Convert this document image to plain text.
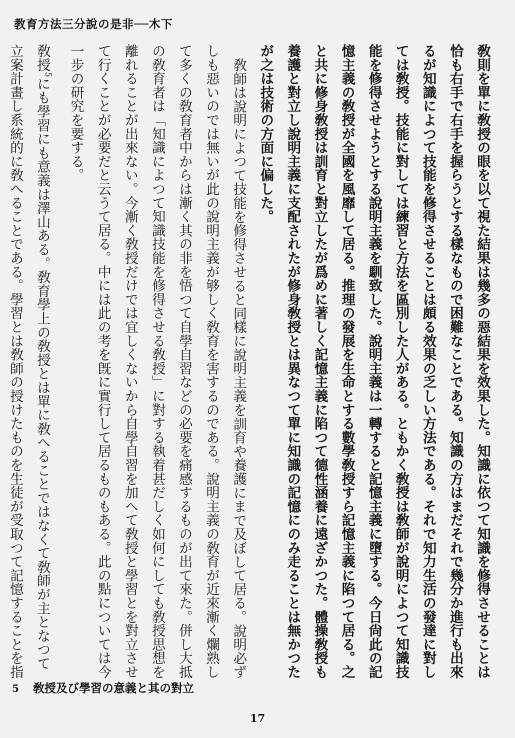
教育方法三分說の是非──木下

敎則を單に敎授の眼を以て視た結果は幾多の惡結果を效果した。知識に依つて知識を修得させることは恰も右手で右手を握らうとする樣なもので困難なことである。知識の方はまだそれで幾分か進行も出來るが知識によつて技能を修得させることは頗る效果の乏しい方法である。それで知力生活の發達に對しては敎授。技能に對しては練習と方法を區別した人がある。ともかく敎授は敎師が說明によつて知識技能を修得させようとする說明主義を馴致した。說明主義は一轉すると記憶主義に墮する。今日尙此の記憶主義の敎授が全國を風靡して居る。推理の發展を生命とする數學敎授すら記憶主義に陷つて居る。之と共に修身敎授は訓育と對立したが爲めに著しく記憶主義に陷つて德性涵養に遠ざかつた。體操敎授も養護と對立し說明主義に支配されたが修身敎授とは異なつて單に知識の記憶にのみ走ることは無かつたが之は技術の方面に偏した。

敎師は說明によつて技能を修得させると同樣に說明主義を訓育や養護にまで及ぼして居る。說明必ずしも惡いのでは無いが此の說明主義が够しく敎育を害するのである。說明主義の敎育が近來漸く爛熟して多くの敎育者中からは漸く其の非を悟つて自學自習などの必要を痛感するものが出て來た。併し大抵の敎育者は「知識によつて知識技能を修得させる敎授」に對する執着甚だしく如何にしても敎授思想を離れることが出來ない。今漸く敎授だけでは宜しくないから自學自習を加へて敎授と學習とを對立させて行くことが必要だと云うて居る。中には此の考を旣に實行して居るものもある。此の點については今一步の研究を要する。

敎授$^5$にも學習にも意義は澤山ある。敎育學上の敎授とは單に敎へることではなくて敎師が主となつて立案計畫し系統的に敎へることである。學習とは敎師の授けたものを生徒が受取つて記憶することを指

5 敎授及び學習の意義と其の對立
17
